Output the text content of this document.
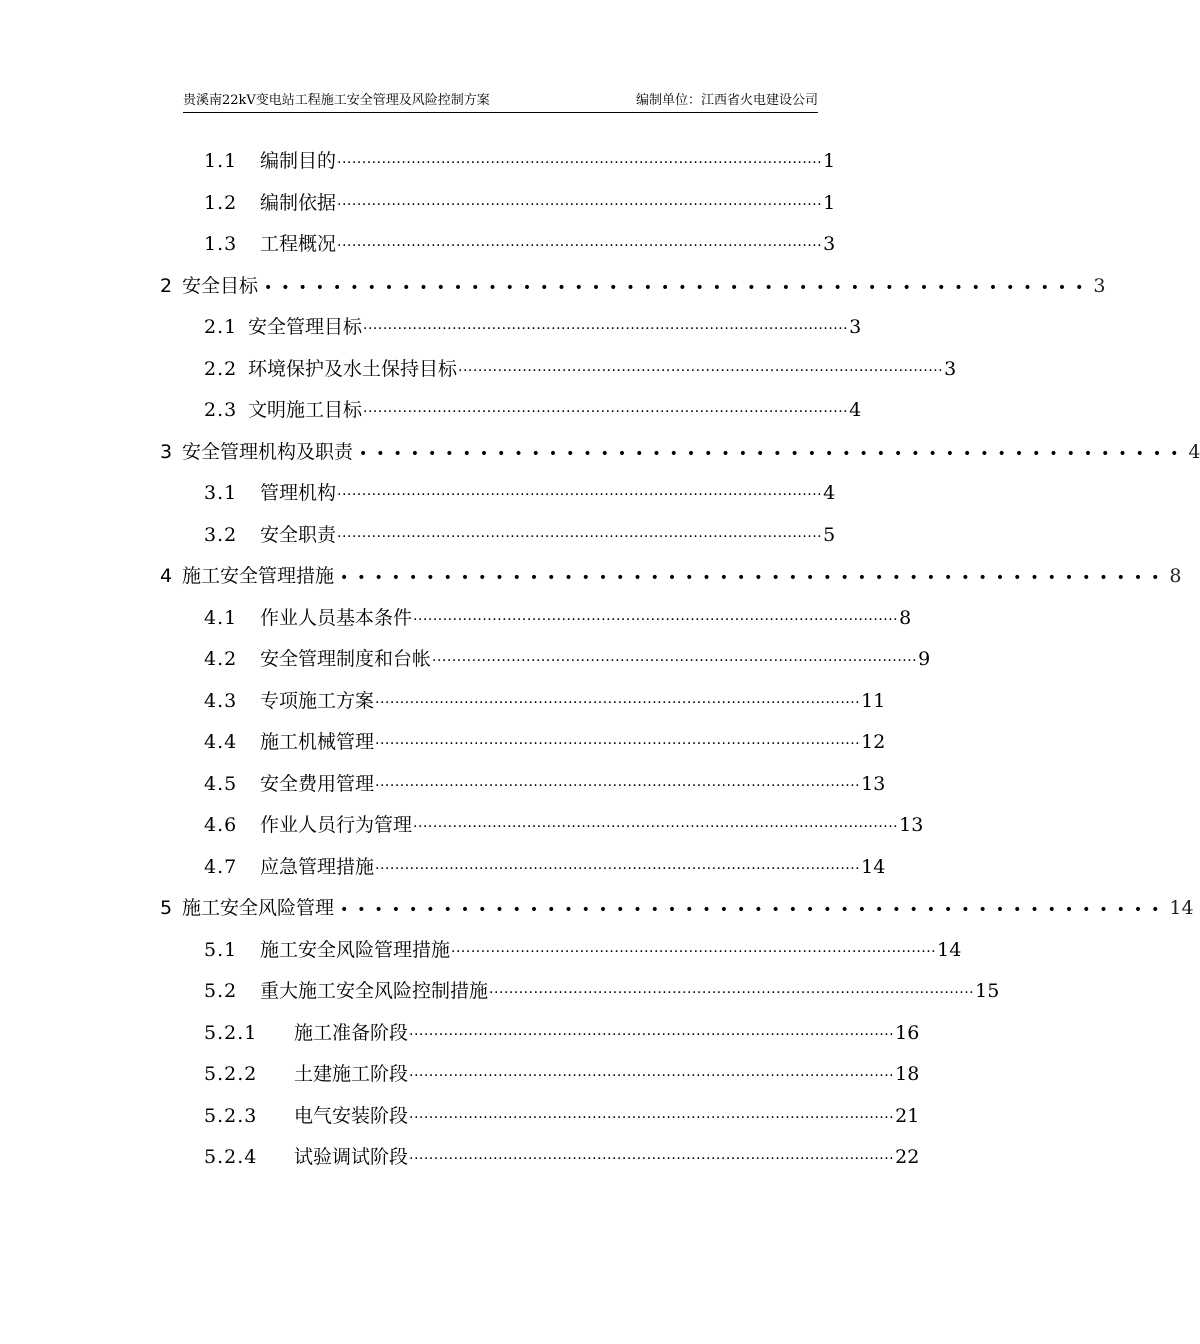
贵溪南22kV变电站工程施工安全管理及风险控制方案	编制单位：江西省火电建设公司
1.1	编制目的 ·································································································· 1
1.2	编制依据 ·································································································· 1
1.3	工程概况 ·································································································· 3
2 安全目标 •••••••••••••••••••••••••••••••••••••••••••••••• 3
2.1 安全管理目标 ·································································································· 3
2.2 环境保护及水土保持目标 ·································································································· 3
2.3 文明施工目标 ·································································································· 4
3 安全管理机构及职责 •••••••••••••••••••••••••••••••••••••••••••••••• 4
3.1	管理机构 ·································································································· 4
3.2	安全职责 ·································································································· 5
4 施工安全管理措施 •••••••••••••••••••••••••••••••••••••••••••••••• 8
4.1	作业人员基本条件 ·································································································· 8
4.2	安全管理制度和台帐 ·································································································· 9
4.3	专项施工方案 ·································································································· 11
4.4	施工机械管理 ·································································································· 12
4.5	安全费用管理 ·································································································· 13
4.6	作业人员行为管理 ·································································································· 13
4.7	应急管理措施 ·································································································· 14
5 施工安全风险管理 •••••••••••••••••••••••••••••••••••••••••••••••• 14
5.1	施工安全风险管理措施 ·································································································· 14
5.2	重大施工安全风险控制措施 ·································································································· 15
5.2.1	施工准备阶段 ·································································································· 16
5.2.2	土建施工阶段 ·································································································· 18
5.2.3	电气安装阶段 ·································································································· 21
5.2.4	试验调试阶段 ·································································································· 22
